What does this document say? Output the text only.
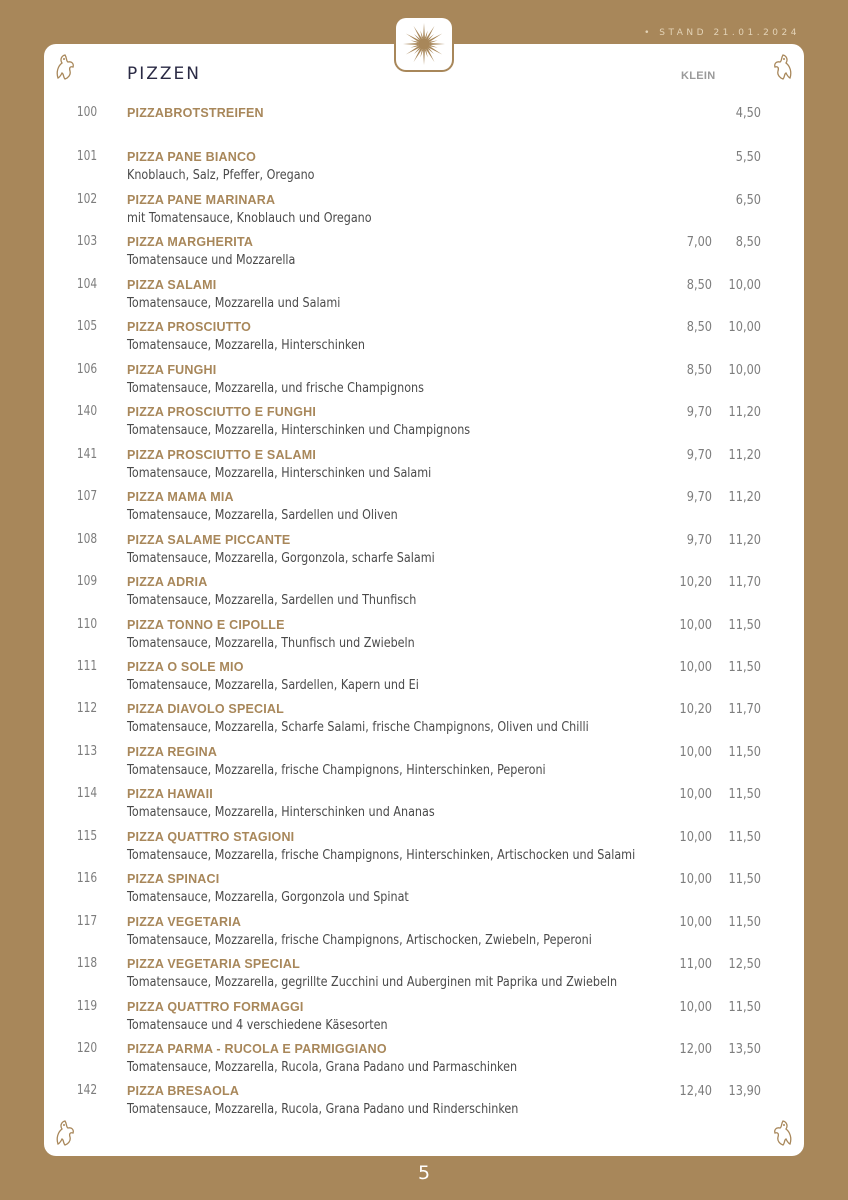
• STAND 21.01.2024
PIZZEN	KLEIN
100	PIZZABROTSTREIFEN	4,50
101	PIZZA PANE BIANCO
Knoblauch, Salz, Pfeffer, Oregano
5,50
102	PIZZA PANE MARINARA
mit Tomatensauce, Knoblauch und Oregano
6,50
103	PIZZA MARGHERITA
Tomatensauce und Mozzarella
7,00	8,50
104	PIZZA SALAMI
Tomatensauce, Mozzarella und Salami
8,50	10,00
105	PIZZA PROSCIUTTO
Tomatensauce, Mozzarella, Hinterschinken
8,50	10,00
106	PIZZA FUNGHI
Tomatensauce, Mozzarella, und frische Champignons
8,50	10,00
140	PIZZA PROSCIUTTO E FUNGHI
Tomatensauce, Mozzarella, Hinterschinken und Champignons
9,70	11,20
141	PIZZA PROSCIUTTO E SALAMI
Tomatensauce, Mozzarella, Hinterschinken und Salami
9,70	11,20
107	PIZZA MAMA MIA
Tomatensauce, Mozzarella, Sardellen und Oliven
9,70	11,20
108	PIZZA SALAME PICCANTE
Tomatensauce, Mozzarella, Gorgonzola, scharfe Salami
9,70	11,20
109	PIZZA ADRIA
Tomatensauce, Mozzarella, Sardellen und Thunfisch
10,20	11,70
110	PIZZA TONNO E CIPOLLE
Tomatensauce, Mozzarella, Thunfisch und Zwiebeln
10,00	11,50
111	PIZZA O SOLE MIO
Tomatensauce, Mozzarella, Sardellen, Kapern und Ei
10,00	11,50
112	PIZZA DIAVOLO SPECIAL
Tomatensauce, Mozzarella, Scharfe Salami, frische Champignons, Oliven und Chilli
10,20	11,70
113	PIZZA REGINA
Tomatensauce, Mozzarella, frische Champignons, Hinterschinken, Peperoni
10,00	11,50
114	PIZZA HAWAII
Tomatensauce, Mozzarella, Hinterschinken und Ananas
10,00	11,50
115	PIZZA QUATTRO STAGIONI
Tomatensauce, Mozzarella, frische Champignons, Hinterschinken, Artischocken und Salami
10,00	11,50
116	PIZZA SPINACI
Tomatensauce, Mozzarella, Gorgonzola und Spinat
10,00	11,50
117	PIZZA VEGETARIA
Tomatensauce, Mozzarella, frische Champignons, Artischocken, Zwiebeln, Peperoni
10,00	11,50
118	PIZZA VEGETARIA SPECIAL
Tomatensauce, Mozzarella, gegrillte Zucchini und Auberginen mit Paprika und Zwiebeln
11,00	12,50
119	PIZZA QUATTRO FORMAGGI
Tomatensauce und 4 verschiedene Käsesorten
10,00	11,50
120	PIZZA PARMA - RUCOLA E PARMIGGIANO
Tomatensauce, Mozzarella, Rucola, Grana Padano und Parmaschinken
12,00	13,50
142	PIZZA BRESAOLA
Tomatensauce, Mozzarella, Rucola, Grana Padano und Rinderschinken
12,40	13,90
5
